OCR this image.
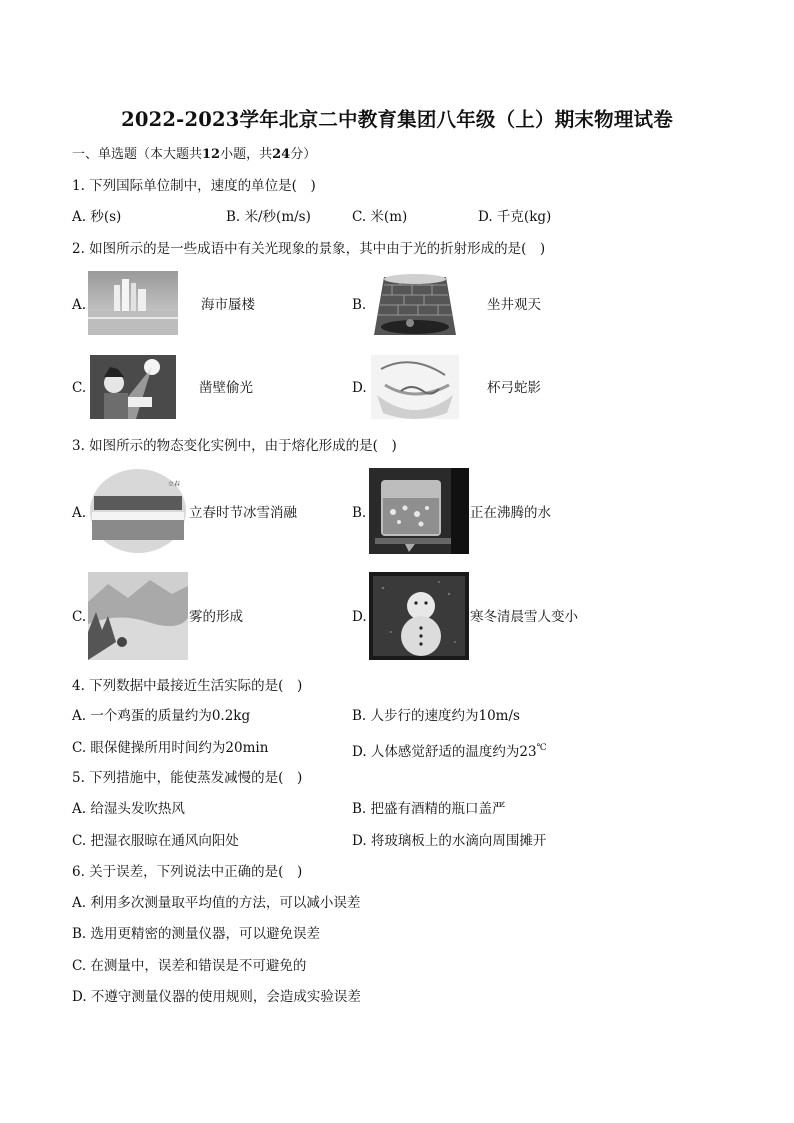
2022-2023学年北京二中教育集团八年级（上）期末物理试卷
一、单选题（本大题共12小题，共24分）
1. 下列国际单位制中，速度的单位是(　)
A. 秒(s)	B. 米/秒(m/s)	C. 米(m)	D. 千克(kg)
2. 如图所示的是一些成语中有关光现象的景象，其中由于光的折射形成的是(　)
A.	海市蜃楼	B.	坐井观天
C.	凿壁偷光	D.	杯弓蛇影
3. 如图所示的物态变化实例中，由于熔化形成的是(　)
A.
立春
立春时节冰雪消融	B.	正在沸腾的水
C.	雾的形成	D.	寒冬清晨雪人变小
4. 下列数据中最接近生活实际的是(　)
A. 一个鸡蛋的质量约为0.2kg	B. 人步行的速度约为10m/s
C. 眼保健操所用时间约为20min	D. 人体感觉舒适的温度约为23℃
5. 下列措施中，能使蒸发减慢的是(　)
A. 给湿头发吹热风	B. 把盛有酒精的瓶口盖严
C. 把湿衣服晾在通风向阳处	D. 将玻璃板上的水滴向周围摊开
6. 关于误差，下列说法中正确的是(　)
A. 利用多次测量取平均值的方法，可以减小误差
B. 选用更精密的测量仪器，可以避免误差
C. 在测量中，误差和错误是不可避免的
D. 不遵守测量仪器的使用规则，会造成实验误差
